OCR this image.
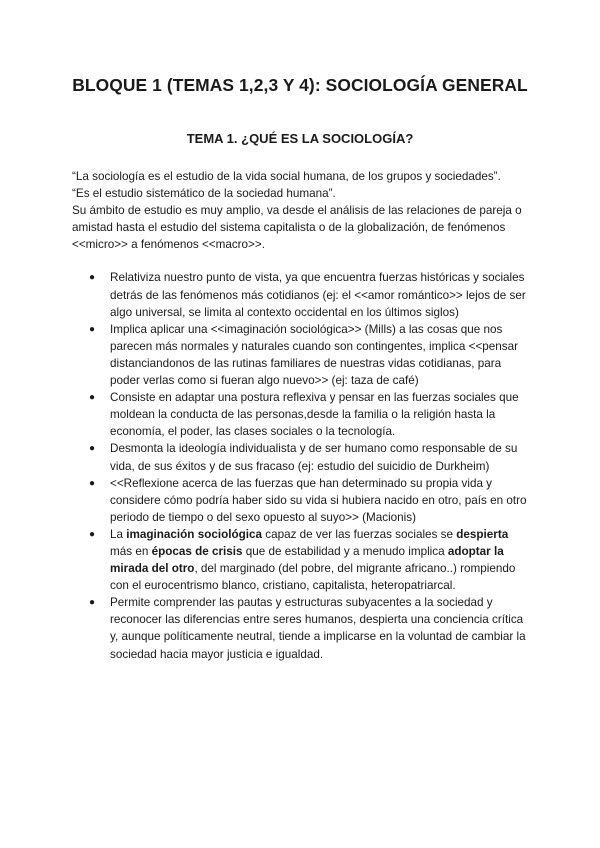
BLOQUE 1 (TEMAS 1,2,3 Y 4): SOCIOLOGÍA GENERAL
TEMA 1. ¿QUÉ ES LA SOCIOLOGÍA?

“La sociología es el estudio de la vida social humana, de los grupos y sociedades”.

“Es el estudio sistemático de la sociedad humana”.

Su ámbito de estudio es muy amplio, va desde el análisis de las relaciones de pareja o amistad hasta el estudio del sistema capitalista o de la globalización, de fenómenos <<micro>> a fenómenos <<macro>>.

● Relativiza nuestro punto de vista, ya que encuentra fuerzas históricas y sociales detrás de las fenómenos más cotidianos (ej: el <<amor romántico>> lejos de ser algo universal, se limita al contexto occidental en los últimos siglos)
● Implica aplicar una <<imaginación sociológica>> (Mills) a las cosas que nos parecen más normales y naturales cuando son contingentes, implica <<pensar distanciandonos de las rutinas familiares de nuestras vidas cotidianas, para poder verlas como si fueran algo nuevo>> (ej: taza de café)
● Consiste en adaptar una postura reflexiva y pensar en las fuerzas sociales que moldean la conducta de las personas,desde la familia o la religión hasta la economía, el poder, las clases sociales o la tecnología.
● Desmonta la ideología individualista y de ser humano como responsable de su vida, de sus éxitos y de sus fracaso (ej: estudio del suicidio de Durkheim)
● <<Reflexione acerca de las fuerzas que han determinado su propia vida y considere cómo podría haber sido su vida si hubiera nacido en otro, país en otro periodo de tiempo o del sexo opuesto al suyo>> (Macionis)
● La imaginación sociológica capaz de ver las fuerzas sociales se despierta más en épocas de crisis que de estabilidad y a menudo implica adoptar la mirada del otro, del marginado (del pobre, del migrante africano..) rompiendo con el eurocentrismo blanco, cristiano, capitalista, heteropatriarcal.
● Permite comprender las pautas y estructuras subyacentes a la sociedad y reconocer las diferencias entre seres humanos, despierta una conciencia crítica y, aunque políticamente neutral, tiende a implicarse en la voluntad de cambiar la sociedad hacia mayor justicia e igualdad.
